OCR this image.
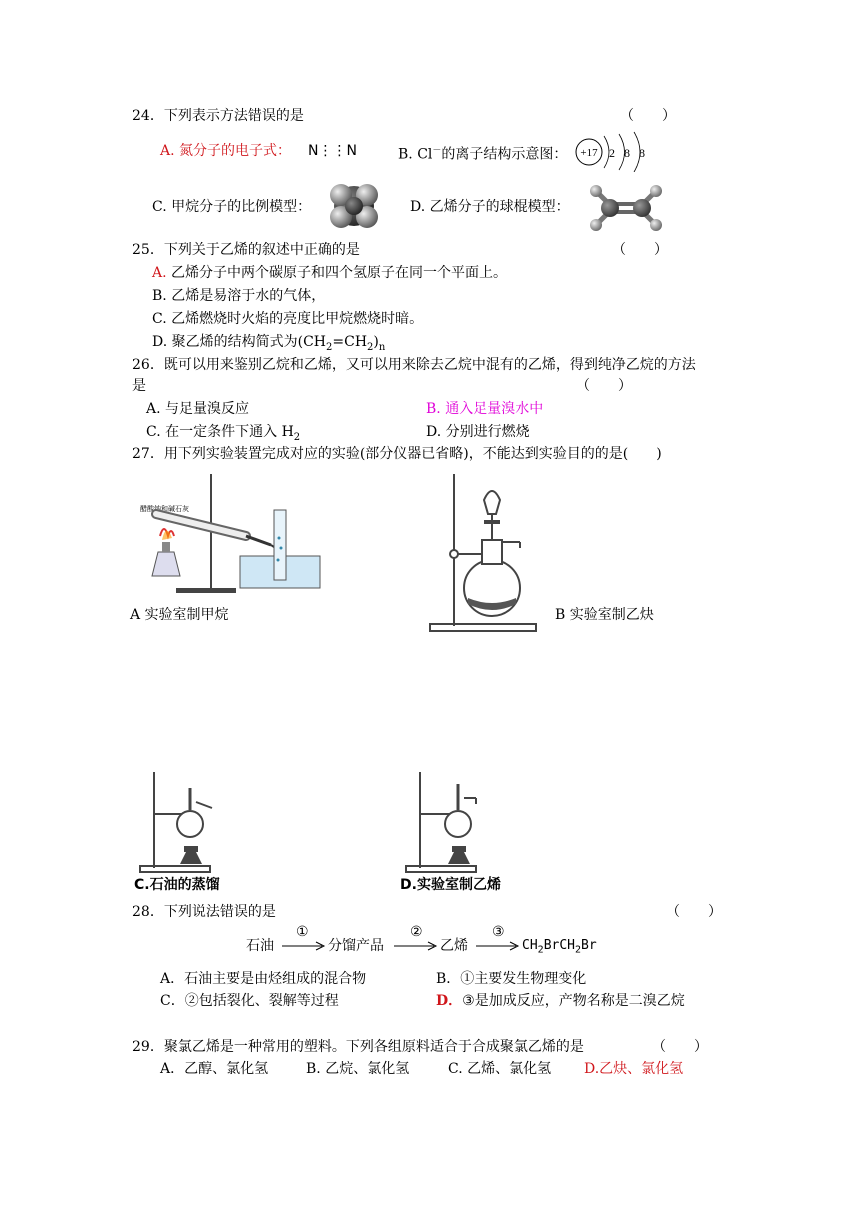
24．下列表示方法错误的是	（　　）
A. 氮分子的电子式： N⋮⋮N	B. Cl－的离子结构示意图： +17 2 8 8
C. 甲烷分子的比例模型：	D. 乙烯分子的球棍模型：
25．下列关于乙烯的叙述中正确的是	（　　）
A. 乙烯分子中两个碳原子和四个氢原子在同一个平面上。
B. 乙烯是易溶于水的气体，
C. 乙烯燃烧时火焰的亮度比甲烷燃烧时暗。
D. 聚乙烯的结构简式为$(CH_2=CH_2)_n$
26．既可以用来鉴别乙烷和乙烯，又可以用来除去乙烷中混有的乙烯，得到纯净乙烷的方法
是	（　　）
A. 与足量溴反应	B. 通入足量溴水中
C. 在一定条件下通入 $H_2$	D. 分别进行燃烧
27．用下列实验装置完成对应的实验(部分仪器已省略)，不能达到实验目的的是(　　)
醋酸钠和碱石灰
A 实验室制甲烷	B 实验室制乙炔
C.石油的蒸馏	D.实验室制乙烯
28．下列说法错误的是	（　　）
石油
①
分馏产品
②
乙烯
③
$CH_2BrCH_2Br$
A．石油主要是由烃组成的混合物	B．①主要发生物理变化
C．②包括裂化、裂解等过程	D．③是加成反应，产物名称是二溴乙烷
29．聚氯乙烯是一种常用的塑料。下列各组原料适合于合成聚氯乙烯的是	（　　）
A．乙醇、氯化氢	B. 乙烷、氯化氢	C. 乙烯、氯化氢 D.乙炔、氯化氢
